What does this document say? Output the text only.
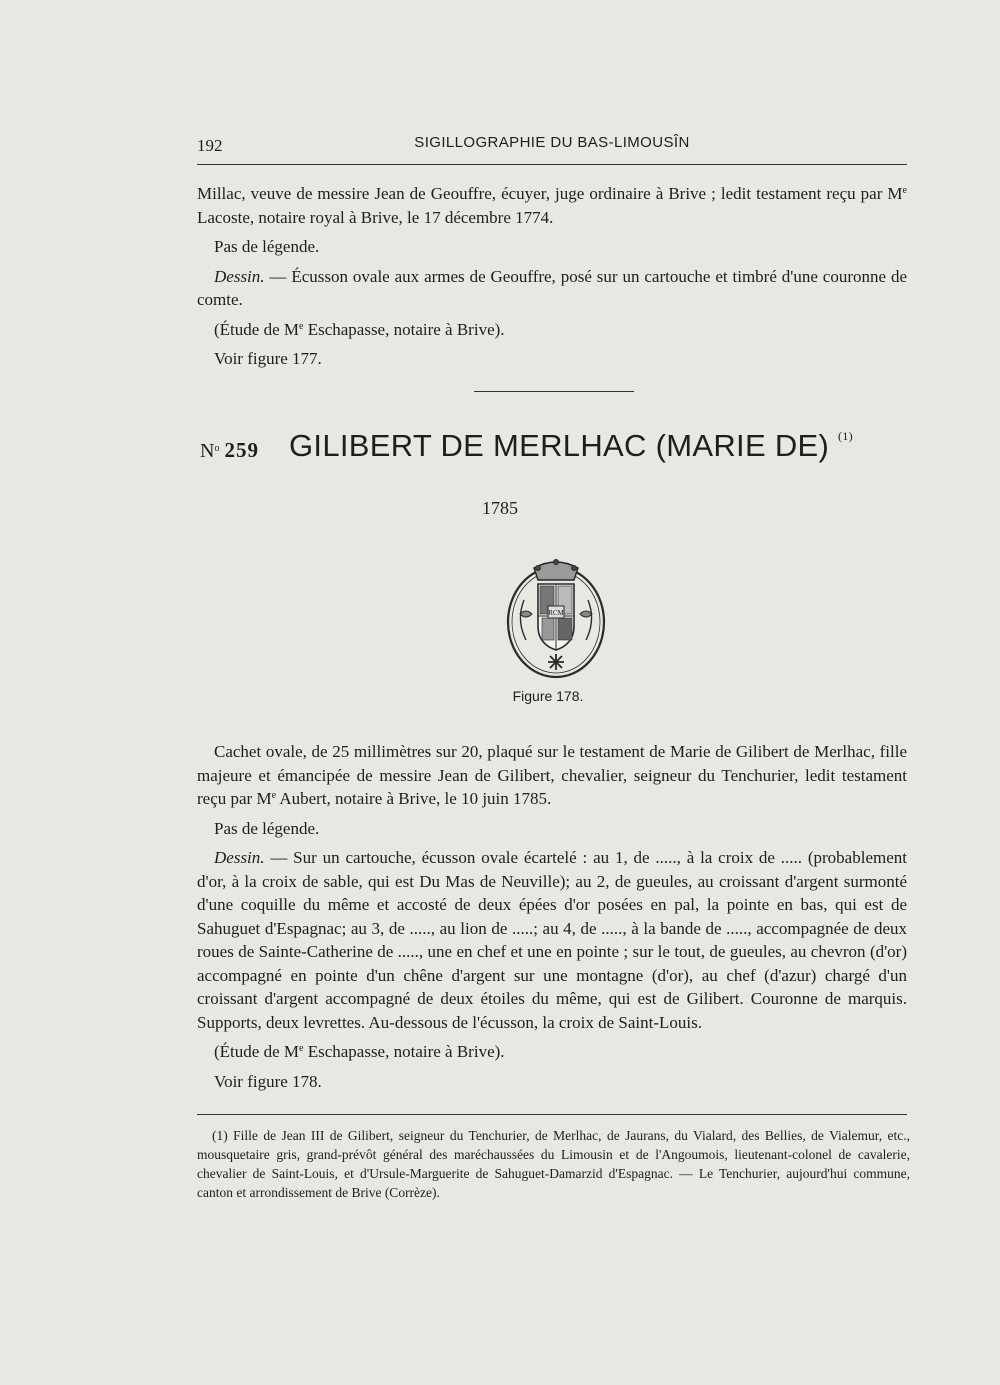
192	SIGILLOGRAPHIE DU BAS-LIMOUSÎN

Millac, veuve de messire Jean de Geouffre, écuyer, juge ordinaire à Brive ; ledit testament reçu par Me Lacoste, notaire royal à Brive, le 17 décembre 1774.

Pas de légende.

Dessin. — Écusson ovale aux armes de Geouffre, posé sur un cartouche et timbré d'une couronne de comte.

(Étude de Me Eschapasse, notaire à Brive).

Voir figure 177.

$N^o$ 259 GILIBERT DE MERLHAC (MARIE DE) $^{(1)}$
1785
RCM
Figure 178.

Cachet ovale, de 25 millimètres sur 20, plaqué sur le testament de Marie de Gilibert de Merlhac, fille majeure et émancipée de messire Jean de Gilibert, chevalier, seigneur du Tenchurier, ledit testament reçu par Me Aubert, notaire à Brive, le 10 juin 1785.

Pas de légende.

Dessin. — Sur un cartouche, écusson ovale écartelé : au 1, de ....., à la croix de ..... (probablement d'or, à la croix de sable, qui est Du Mas de Neuville); au 2, de gueules, au croissant d'argent surmonté d'une coquille du même et accosté de deux épées d'or posées en pal, la pointe en bas, qui est de Sahuguet d'Espagnac; au 3, de ....., au lion de .....; au 4, de ....., à la bande de ....., accompagnée de deux roues de Sainte-Catherine de ....., une en chef et une en pointe ; sur le tout, de gueules, au chevron (d'or) accompagné en pointe d'un chêne d'argent sur une montagne (d'or), au chef (d'azur) chargé d'un croissant d'argent accompagné de deux étoiles du même, qui est de Gilibert. Couronne de marquis. Supports, deux levrettes. Au-dessous de l'écusson, la croix de Saint-Louis.

(Étude de Me Eschapasse, notaire à Brive).

Voir figure 178.

(1) Fille de Jean III de Gilibert, seigneur du Tenchurier, de Merlhac, de Jaurans, du Vialard, des Bellies, de Vialemur, etc., mousquetaire gris, grand-prévôt général des maréchaussées du Limousin et de l'Angoumois, lieutenant-colonel de cavalerie, chevalier de Saint-Louis, et d'Ursule-Marguerite de Sahuguet-Damarzid d'Espagnac. — Le Tenchurier, aujourd'hui commune, canton et arrondissement de Brive (Corrèze).
